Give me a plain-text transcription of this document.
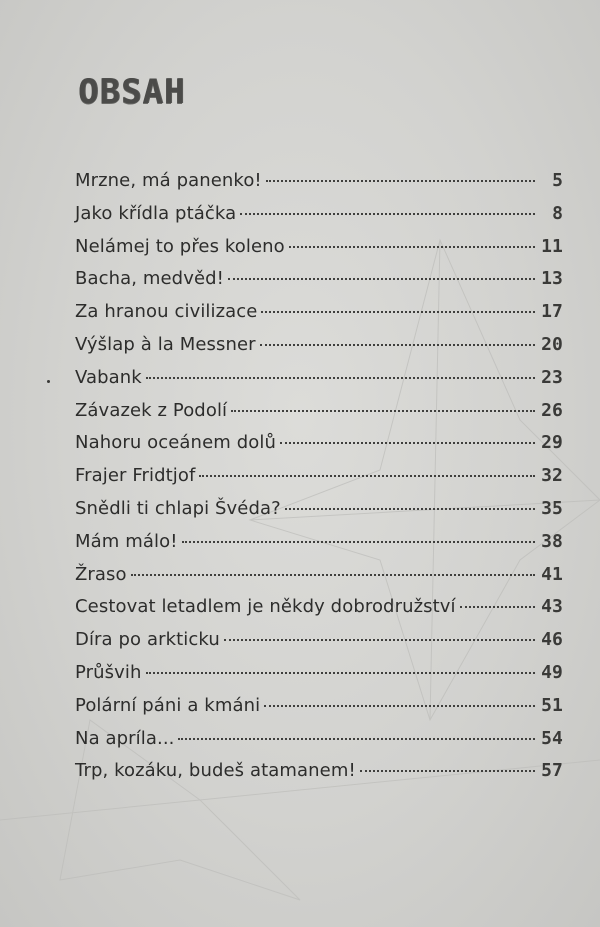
OBSAH
Mrzne, má panenko!	5
Jako křídla ptáčka	8
Nelámej to přes koleno	11
Bacha, medvěd!	13
Za hranou civilizace	17
Výšlap à la Messner	20
Vabank	23
Závazek z Podolí	26
Nahoru oceánem dolů	29
Frajer Fridtjof	32
Snědli ti chlapi Švéda?	35
Mám málo!	38
Žraso	41
Cestovat letadlem je někdy dobrodružství	43
Díra po arkticku	46
Průšvih	49
Polární páni a kmáni	51
Na apríla...	54
Trp, kozáku, budeš atamanem!	57
